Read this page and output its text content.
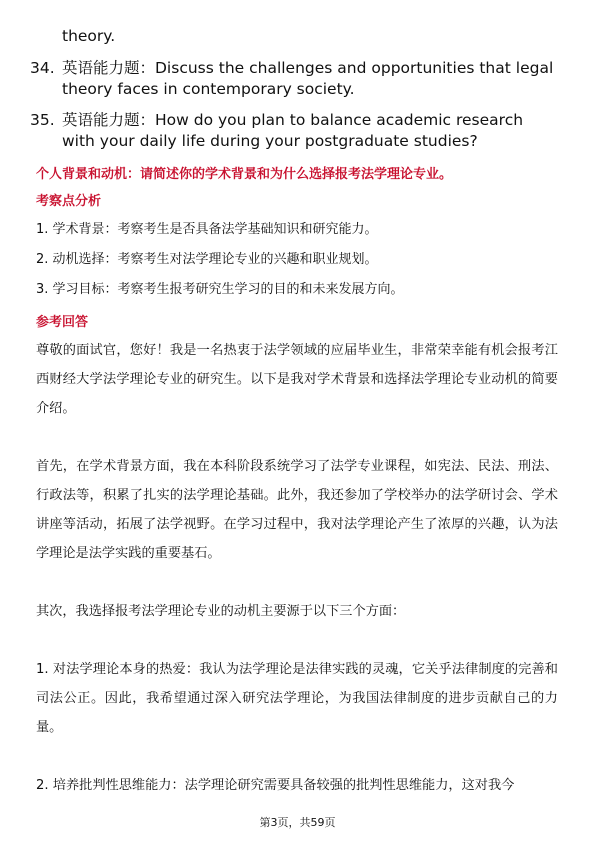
theory.
34. 英语能力题：Discuss the challenges and opportunities that legal theory faces in contemporary society.
35. 英语能力题：How do you plan to balance academic research with your daily life during your postgraduate studies?
个人背景和动机：请简述你的学术背景和为什么选择报考法学理论专业。
考察点分析
1. 学术背景：考察考生是否具备法学基础知识和研究能力。
2. 动机选择：考察考生对法学理论专业的兴趣和职业规划。
3. 学习目标：考察考生报考研究生学习的目的和未来发展方向。
参考回答

尊敬的面试官，您好！我是一名热衷于法学领域的应届毕业生，非常荣幸能有机会报考江西财经大学法学理论专业的研究生。以下是我对学术背景和选择法学理论专业动机的简要介绍。

首先，在学术背景方面，我在本科阶段系统学习了法学专业课程，如宪法、民法、刑法、行政法等，积累了扎实的法学理论基础。此外，我还参加了学校举办的法学研讨会、学术讲座等活动，拓展了法学视野。在学习过程中，我对法学理论产生了浓厚的兴趣，认为法学理论是法学实践的重要基石。

其次，我选择报考法学理论专业的动机主要源于以下三个方面：

1. 对法学理论本身的热爱：我认为法学理论是法律实践的灵魂，它关乎法律制度的完善和司法公正。因此，我希望通过深入研究法学理论，为我国法律制度的进步贡献自己的力量。

2. 培养批判性思维能力：法学理论研究需要具备较强的批判性思维能力，这对我今

第3页，共59页
